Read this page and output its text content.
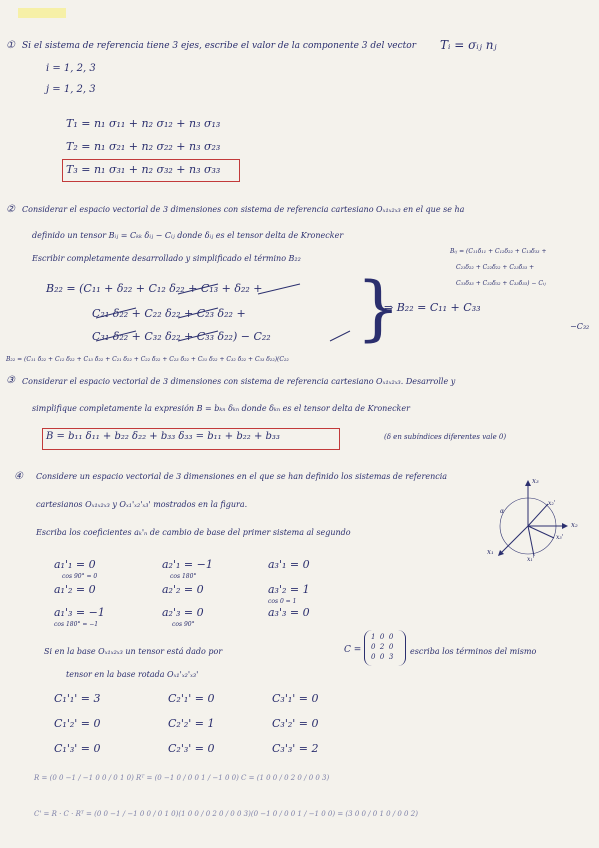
① Si el sistema de referencia tiene 3 ejes, escribe el valor de la componente 3 del vector Tᵢ = σᵢⱼ nⱼ
i = 1, 2, 3
j = 1, 2, 3
T₁ = n₁ σ₁₁ + n₂ σ₁₂ + n₃ σ₁₃
T₂ = n₁ σ₂₁ + n₂ σ₂₂ + n₃ σ₂₃
T₃ = n₁ σ₃₁ + n₂ σ₃₂ + n₃ σ₃₃
② Considerar el espacio vectorial de 3 dimensiones con sistema de referencia cartesiano Oₓ₁ₓ₂ₓ₃ en el que se ha
definido un tensor Bᵢⱼ = Cₖₖ δᵢⱼ − Cᵢⱼ donde δᵢⱼ es el tensor delta de Kronecker
Escribir completamente desarrollado y simplificado el término B₂₂
Bᵢⱼ = (C₁₁δ₁₁ + C₁₂δ₂₂ + C₁₃δ₃₃ +
C₂₁δ₂₂ + C₂₂δ₂₂ + C₂₃δ₃₃ +
C₃₁δ₃₃ + C₃₂δ₃₂ + C₃₃δ₃₃) − Cᵢⱼ
B₂₂ = (C₁₁ + δ₂₂ + C₁₂ δ₂₂ + C₁₃ + δ₂₂ +
C₂₁ δ₂₂ + C₂₂ δ₂₂ + C₂₃ δ₂₂ +
C₃₁ δ₂₂ + C₃₂ δ₂₂ + C₃₃ δ₂₂) − C₂₂ }
⇒ B₂₂ = C₁₁ + C₃₃
−C₃₂
B₂₂ = (C₁₁ δ₂₂ + C₁₂ δ₂₂ + C₁₃ δ₂₂ + C₂₁ δ₂₂ + C₂₂ δ₂₂ + C₂₃ δ₂₂ + C₃₁ δ₂₂ + C₃₂ δ₂₂ + C₃₃ δ₂₂)(C₂₂
③ Considerar el espacio vectorial de 3 dimensiones con sistema de referencia cartesiano Oₓ₁ₓ₂ₓ₃. Desarrolle y
simplifique completamente la expresión B = bₖₙ δₖₙ donde δₖₙ es el tensor delta de Kronecker
B = b₁₁ δ₁₁ + b₂₂ δ₂₂ + b₃₃ δ₃₃ = b₁₁ + b₂₂ + b₃₃	(δ en subíndices diferentes vale 0)
④ Considere un espacio vectorial de 3 dimensiones en el que se han definido los sistemas de referencia
cartesianos Oₓ₁ₓ₂ₓ₃ y Oₓ₁'ₓ₂'ₓ₃' mostrados en la figura.
Escriba los coeficientes aₖ'ₙ de cambio de base del primer sistema al segundo
x₃
x₂
x₁
x₂'
x₃'
x₁'
α
a₁'₁ = 0	a₂'₁ = −1	a₃'₁ = 0
cos 90° = 0	cos 180°
a₁'₂ = 0	a₂'₂ = 0	a₃'₂ = 1
cos 0 = 1
a₁'₃ = −1	a₂'₃ = 0	a₃'₃ = 0
cos 180° = −1	cos 90°
Si en la base Oₓ₁ₓ₂ₓ₃ un tensor está dado por	C =
1 0 0
0 2 0
0 0 3
escriba los términos del mismo
tensor en la base rotada Oₓ₁'ₓ₂'ₓ₃'
C₁'₁' = 3	C₂'₁' = 0	C₃'₁' = 0
C₁'₂' = 0	C₂'₂' = 1	C₃'₂' = 0
C₁'₃' = 0	C₂'₃' = 0	C₃'₃' = 2
R = (0 0 −1 / −1 0 0 / 0 1 0) Rᵀ = (0 −1 0 / 0 0 1 / −1 0 0) C = (1 0 0 / 0 2 0 / 0 0 3)
C' = R · C · Rᵀ = (0 0 −1 / −1 0 0 / 0 1 0)(1 0 0 / 0 2 0 / 0 0 3)(0 −1 0 / 0 0 1 / −1 0 0) = (3 0 0 / 0 1 0 / 0 0 2)
